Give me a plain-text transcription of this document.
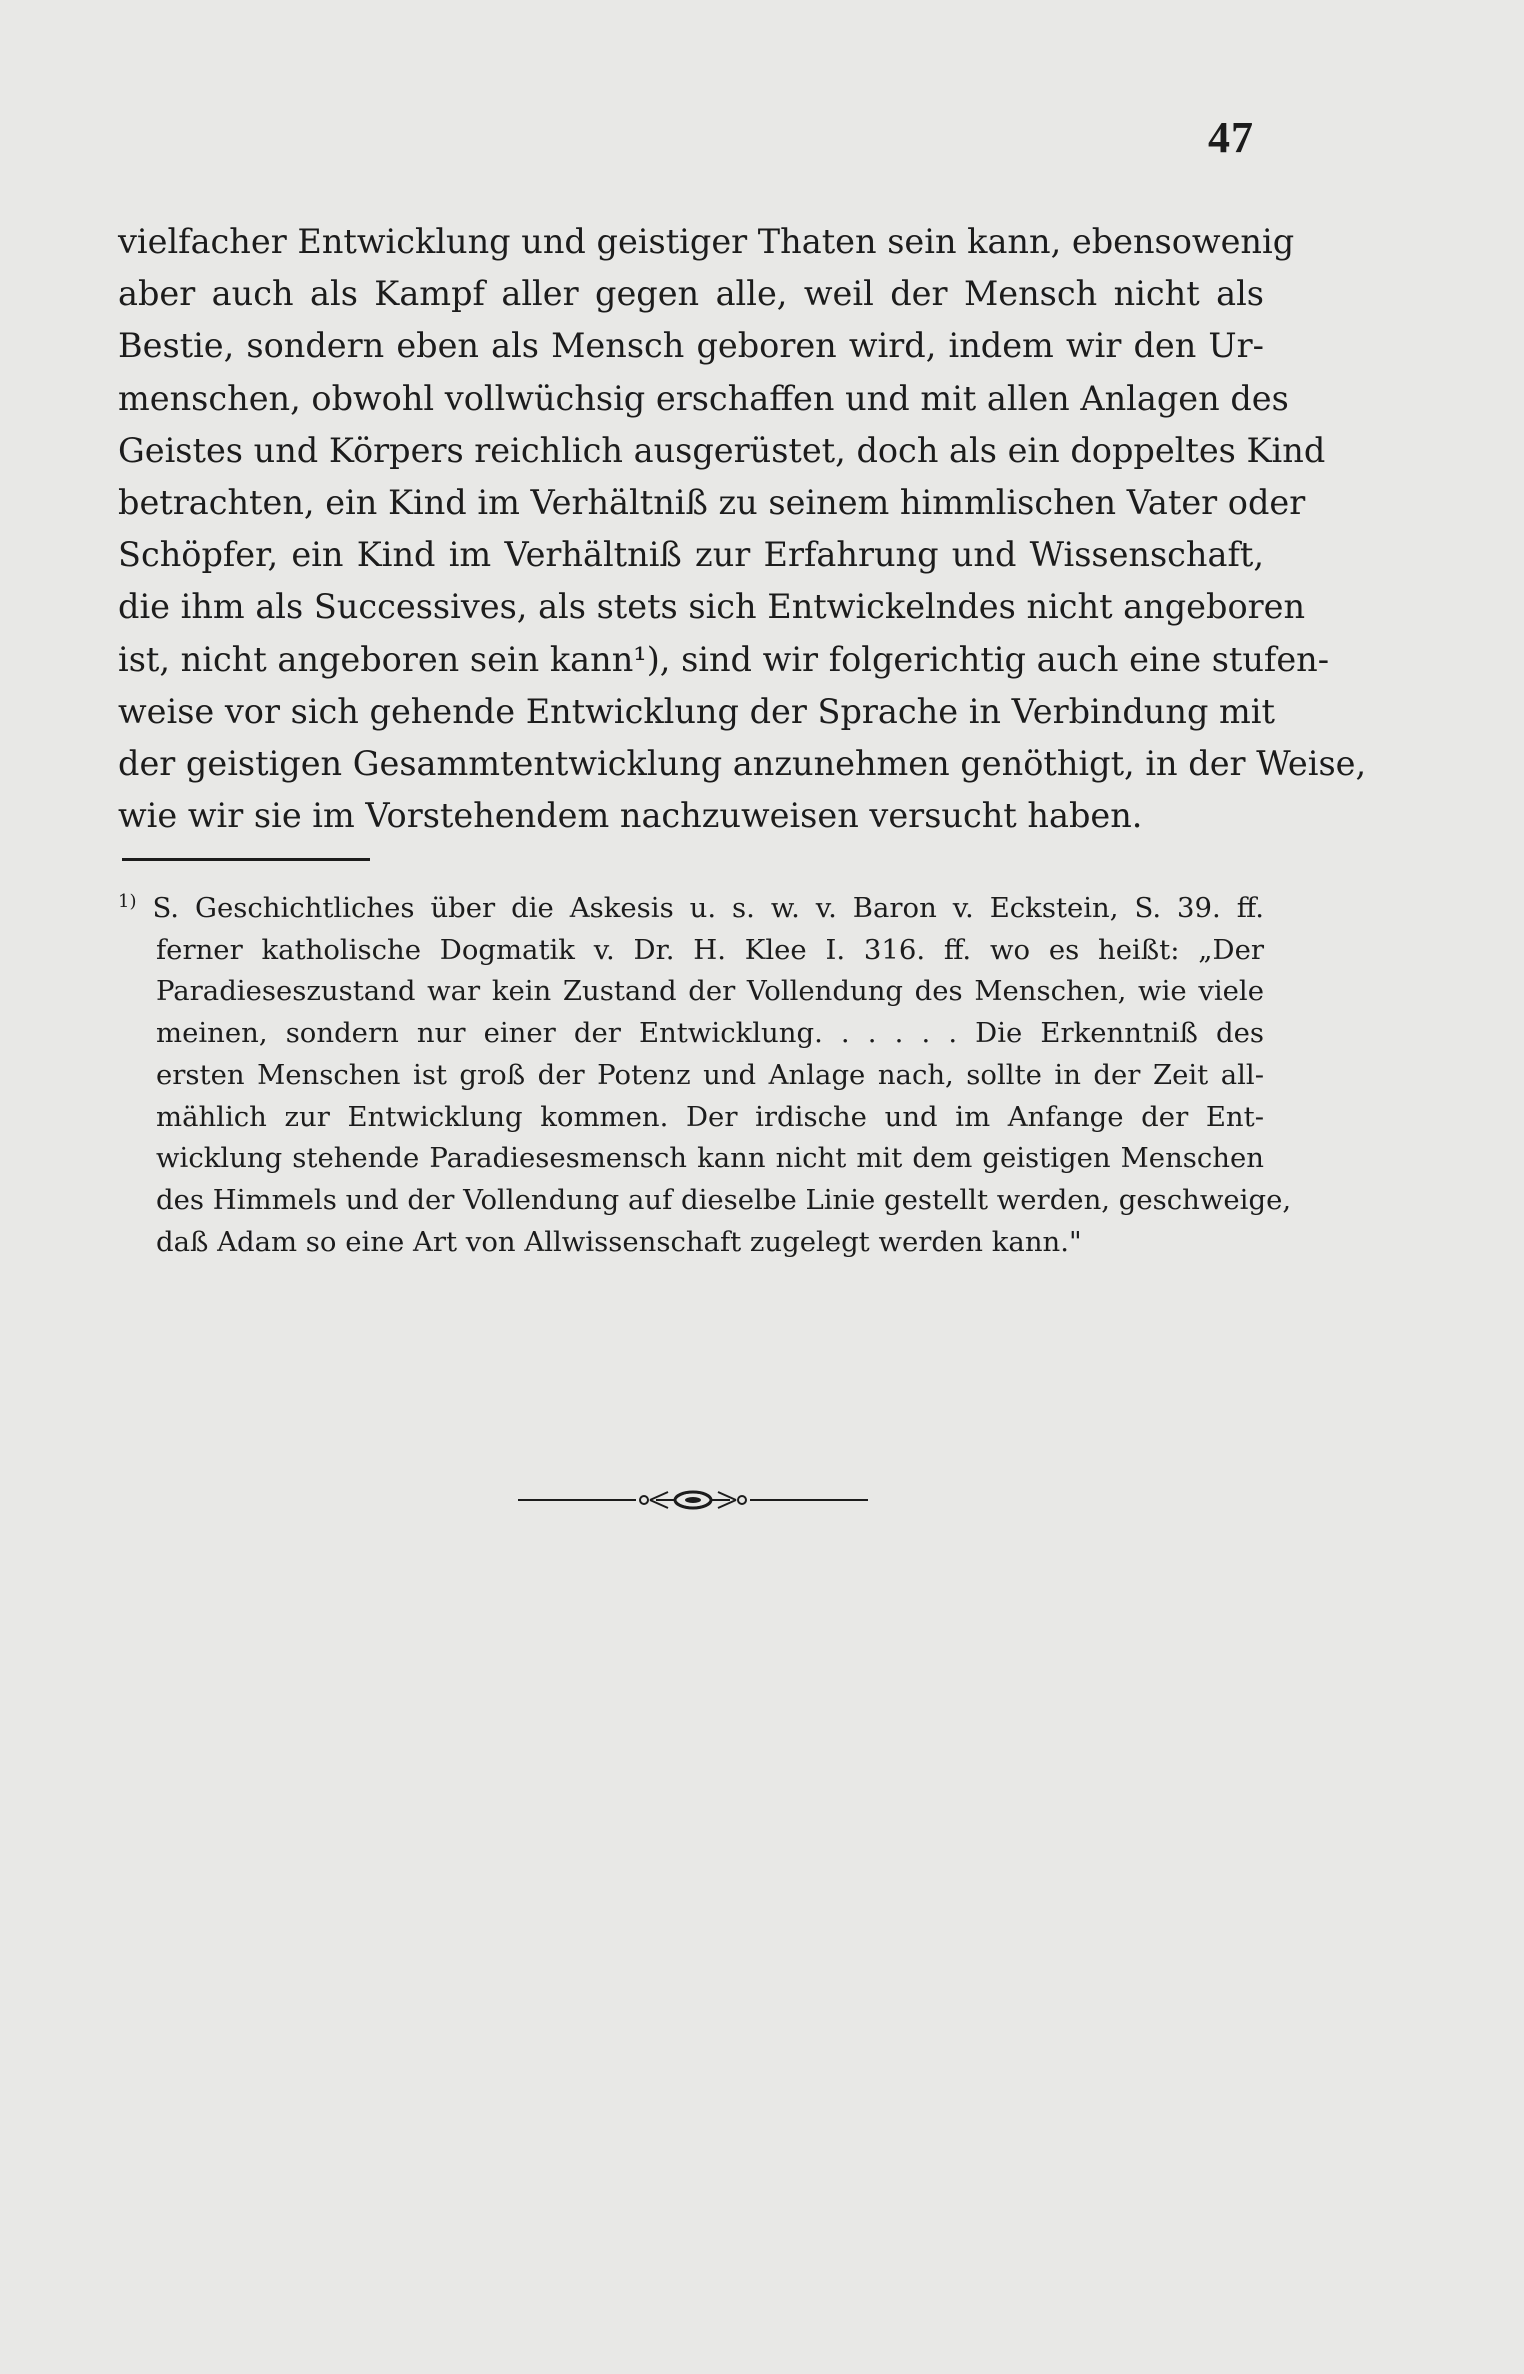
47
vielfacher Entwicklung und geistiger Thaten sein kann, ebensowenig
aber auch als Kampf aller gegen alle, weil der Mensch nicht als
Bestie, sondern eben als Mensch geboren wird, indem wir den Ur-
menschen, obwohl vollwüchsig erschaffen und mit allen Anlagen des
Geistes und Körpers reichlich ausgerüstet, doch als ein doppeltes Kind
betrachten, ein Kind im Verhältniß zu seinem himmlischen Vater oder
Schöpfer, ein Kind im Verhältniß zur Erfahrung und Wissenschaft,
die ihm als Successives, als stets sich Entwickelndes nicht angeboren
ist, nicht angeboren sein kann¹), sind wir folgerichtig auch eine stufen-
weise vor sich gehende Entwicklung der Sprache in Verbindung mit
der geistigen Gesammtentwicklung anzunehmen genöthigt, in der Weise,
wie wir sie im Vorstehendem nachzuweisen versucht haben.
$^{1)}$ S. Geschichtliches über die Askesis u. s. w. v. Baron v. Eckstein, S. 39. ff.
ferner katholische Dogmatik v. Dr. H. Klee I. 316. ff. wo es heißt: „Der
Paradieseszustand war kein Zustand der Vollendung des Menschen, wie viele
meinen, sondern nur einer der Entwicklung. . . . . . Die Erkenntniß des
ersten Menschen ist groß der Potenz und Anlage nach, sollte in der Zeit all-
mählich zur Entwicklung kommen. Der irdische und im Anfange der Ent-
wicklung stehende Paradiesesmensch kann nicht mit dem geistigen Menschen
des Himmels und der Vollendung auf dieselbe Linie gestellt werden, geschweige,
daß Adam so eine Art von Allwissenschaft zugelegt werden kann."
